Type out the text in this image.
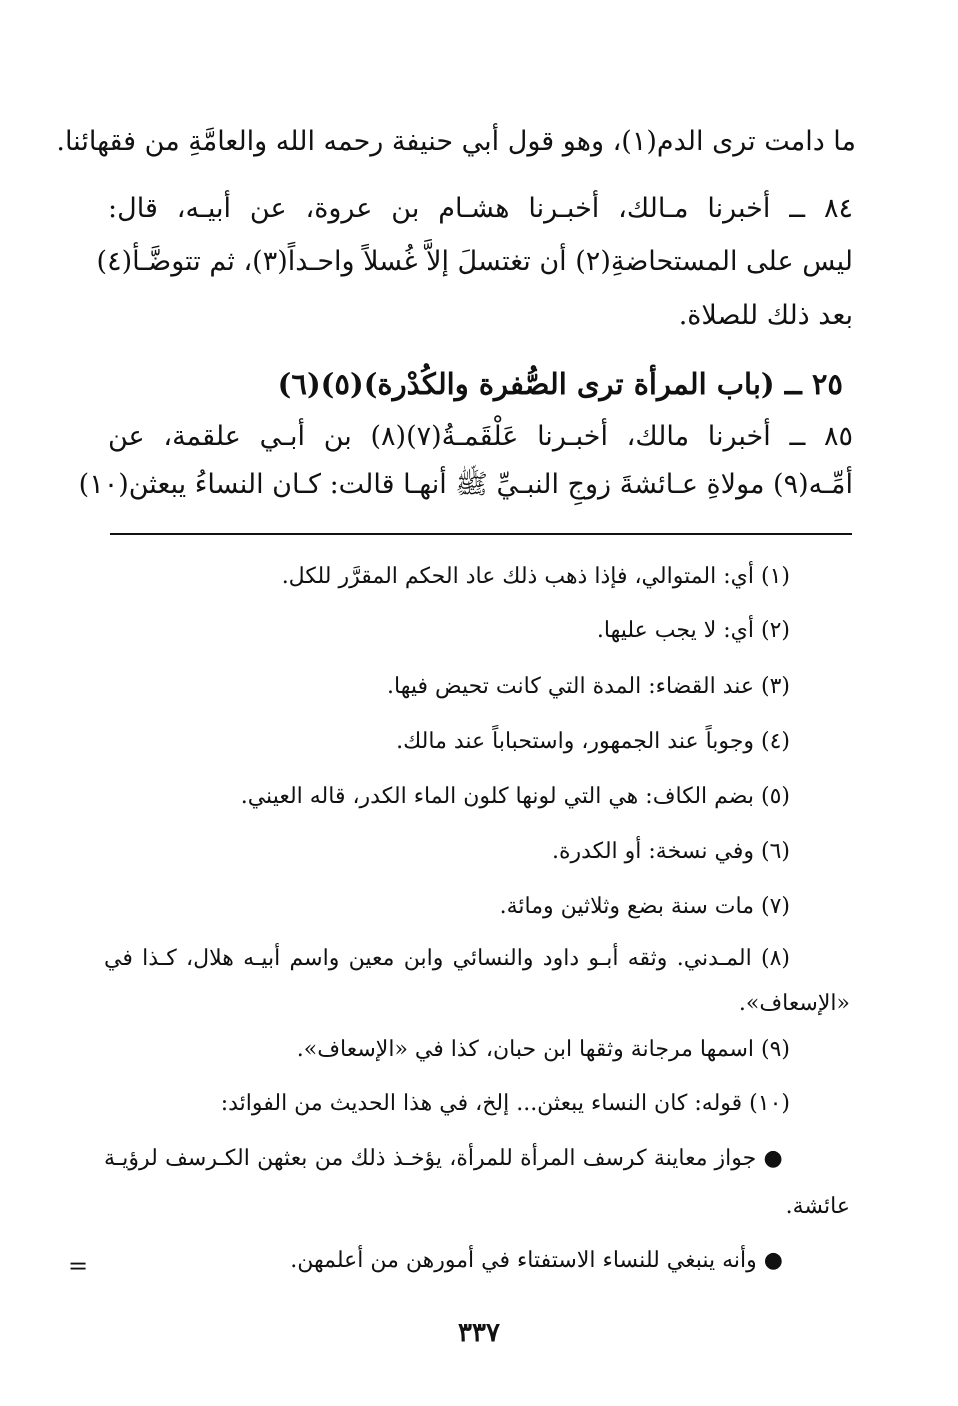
ما دامت ترى الدم(١)، وهو قول أبي حنيفة رحمه الله والعامَّةِ من فقهائنا.
٨٤ ــ أخبرنا مـالك، أخبـرنا هشـام بن عروة، عن أبيـه، قال:
ليس على المستحاضةِ(٢) أن تغتسلَ إلاَّ غُسلاً واحـداً(٣)، ثم تتوضَّـأ(٤)
بعد ذلك للصلاة.
٢٥ ــ (باب المرأة ترى الصُّفرة والكُدْرة)(٥)(٦)
٨٥ ــ أخبرنا مالك، أخبـرنا عَلْقَمـةُ(٧)(٨) بن أبـي علقمة، عن
أمِّـه(٩) مولاةِ عـائشةَ زوجِ النبـيِّ ﷺ أنهـا قالت: كـان النساءُ يبعثن(١٠)
(١) أي: المتوالي، فإذا ذهب ذلك عاد الحكم المقرَّر للكل.
(٢) أي: لا يجب عليها.
(٣) عند القضاء: المدة التي كانت تحيض فيها.
(٤) وجوباً عند الجمهور، واستحباباً عند مالك.
(٥) بضم الكاف: هي التي لونها كلون الماء الكدر، قاله العيني.
(٦) وفي نسخة: أو الكدرة.
(٧) مات سنة بضع وثلاثين ومائة.
(٨) المـدني. وثقه أبـو داود والنسائي وابن معين واسم أبيـه هلال، كـذا في
«الإسعاف».
(٩) اسمها مرجانة وثقها ابن حبان، كذا في «الإسعاف».
(١٠) قوله: كان النساء يبعثن... إلخ، في هذا الحديث من الفوائد:
● جواز معاينة كرسف المرأة للمرأة، يؤخـذ ذلك من بعثهن الكـرسف لرؤيـة
عائشة.
● وأنه ينبغي للنساء الاستفتاء في أمورهن من أعلمهن.
=
٣٣٧
